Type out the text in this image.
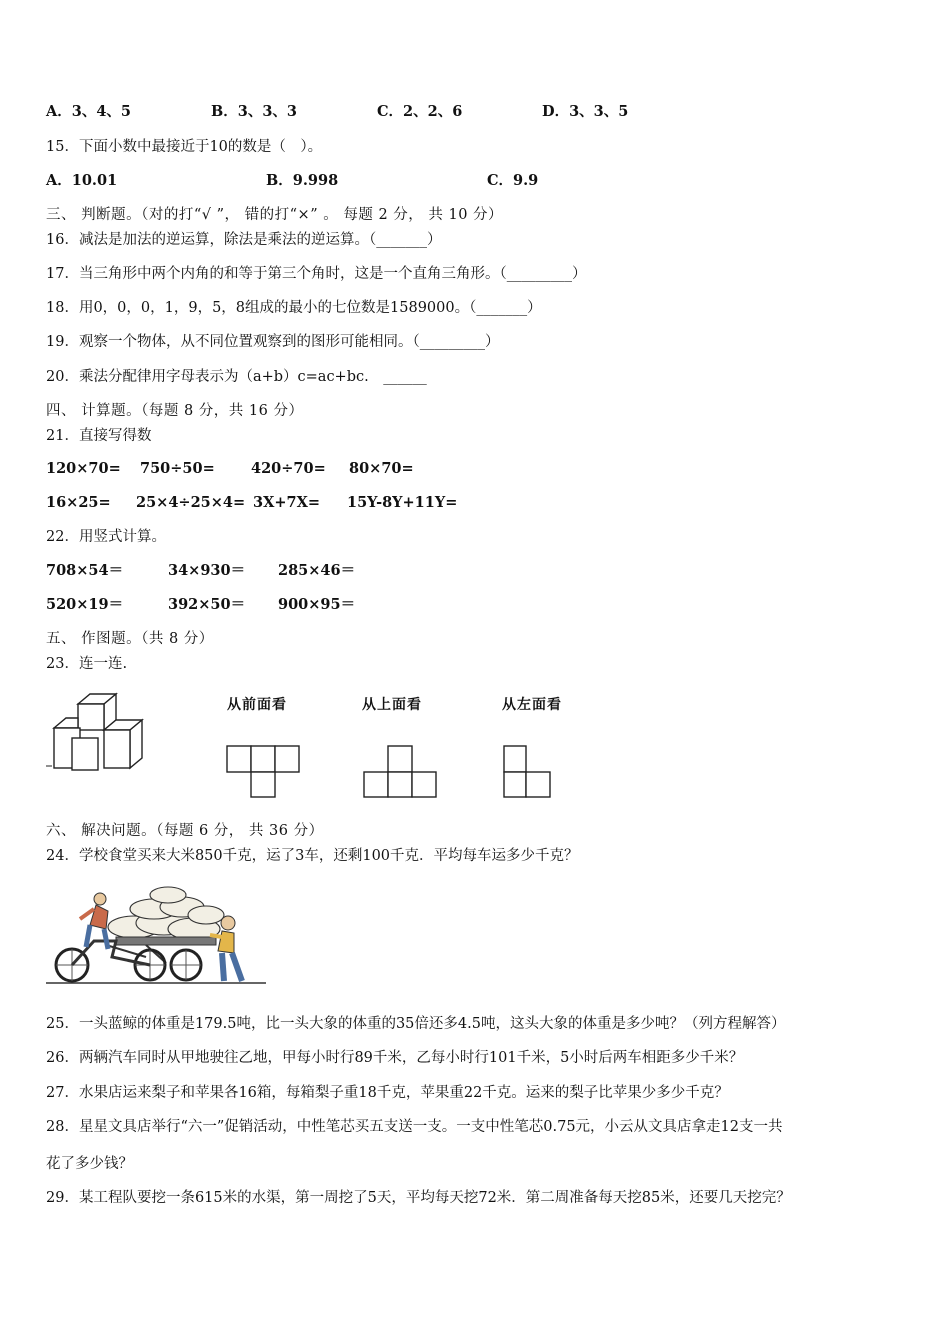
A．3、4、5	B．3、3、3	C．2、2、6	D．3、3、5
15．下面小数中最接近于10的数是（　）。
A．10.01	B．9.998	C．9.9
三、 判断题。（对的打“√ ”， 错的打“×” 。 每题 2 分， 共 10 分）
16．减法是加法的逆运算，除法是乘法的逆运算。（_______）
17．当三角形中两个内角的和等于第三个角时，这是一个直角三角形。（_________）
18．用0，0，0，1，9，5，8组成的最小的七位数是1589000。（_______）
19．观察一个物体，从不同位置观察到的图形可能相同。（_________）
20．乘法分配律用字母表示为（a+b）c=ac+bc.　______
四、 计算题。（每题 8 分，共 16 分）
21．直接写得数
120×70= 750÷50=	420÷70= 80×70=
16×25= 25×4÷25×4= 3X+7X= 15Y-8Y+11Y=
22．用竖式计算。
708×54＝	34×930＝ 285×46＝
520×19＝	392×50＝ 900×95＝
五、 作图题。（共 8 分）
23．连一连.
从前面看	从上面看	从左面看
六、 解决问题。（每题 6 分， 共 36 分）
24．学校食堂买来大米850千克，运了3车，还剩100千克．平均每车运多少千克？
25．一头蓝鲸的体重是179.5吨，比一头大象的体重的35倍还多4.5吨，这头大象的体重是多少吨？（列方程解答）
26．两辆汽车同时从甲地驶往乙地，甲每小时行89千米，乙每小时行101千米，5小时后两车相距多少千米？
27．水果店运来梨子和苹果各16箱，每箱梨子重18千克，苹果重22千克。运来的梨子比苹果少多少千克？
28．星星文具店举行“六一”促销活动，中性笔芯买五支送一支。一支中性笔芯0.75元，小云从文具店拿走12支一共
花了多少钱？
29．某工程队要挖一条615米的水渠，第一周挖了5天，平均每天挖72米．第二周准备每天挖85米，还要几天挖完？
